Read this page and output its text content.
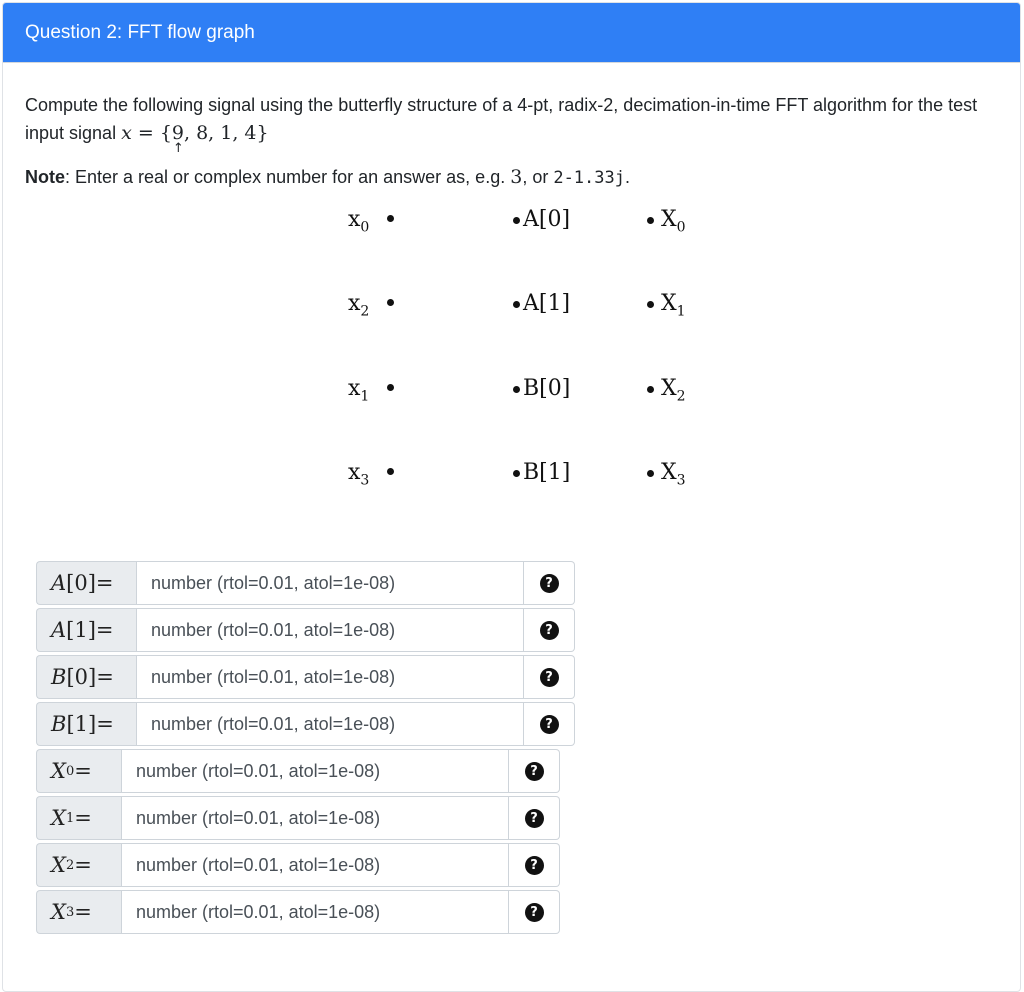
Question 2: FFT flow graph
Compute the following signal using the butterfly structure of a 4-pt, radix-2, decimation-in-time FFT algorithm for the test input signal x = {9
↑
, 8, 1, 4}
Note: Enter a real or complex number for an answer as, e.g. 3, or 2-1.33j.
$x_0$
$x_2$
$x_1$
$x_3$
A[0]
A[1]
B[0]
B[1]
$X_0$
$X_1$
$X_2$
$X_3$
A [0] =
number (rtol=0.01, atol=1e-08)	?
A [1] =
number (rtol=0.01, atol=1e-08)	?
B [0] =
number (rtol=0.01, atol=1e-08)	?
B [1] =
number (rtol=0.01, atol=1e-08)	?
X 0 =
number (rtol=0.01, atol=1e-08)	?
X 1 =
number (rtol=0.01, atol=1e-08)	?
X 2 =
number (rtol=0.01, atol=1e-08)	?
X 3 =
number (rtol=0.01, atol=1e-08)	?
